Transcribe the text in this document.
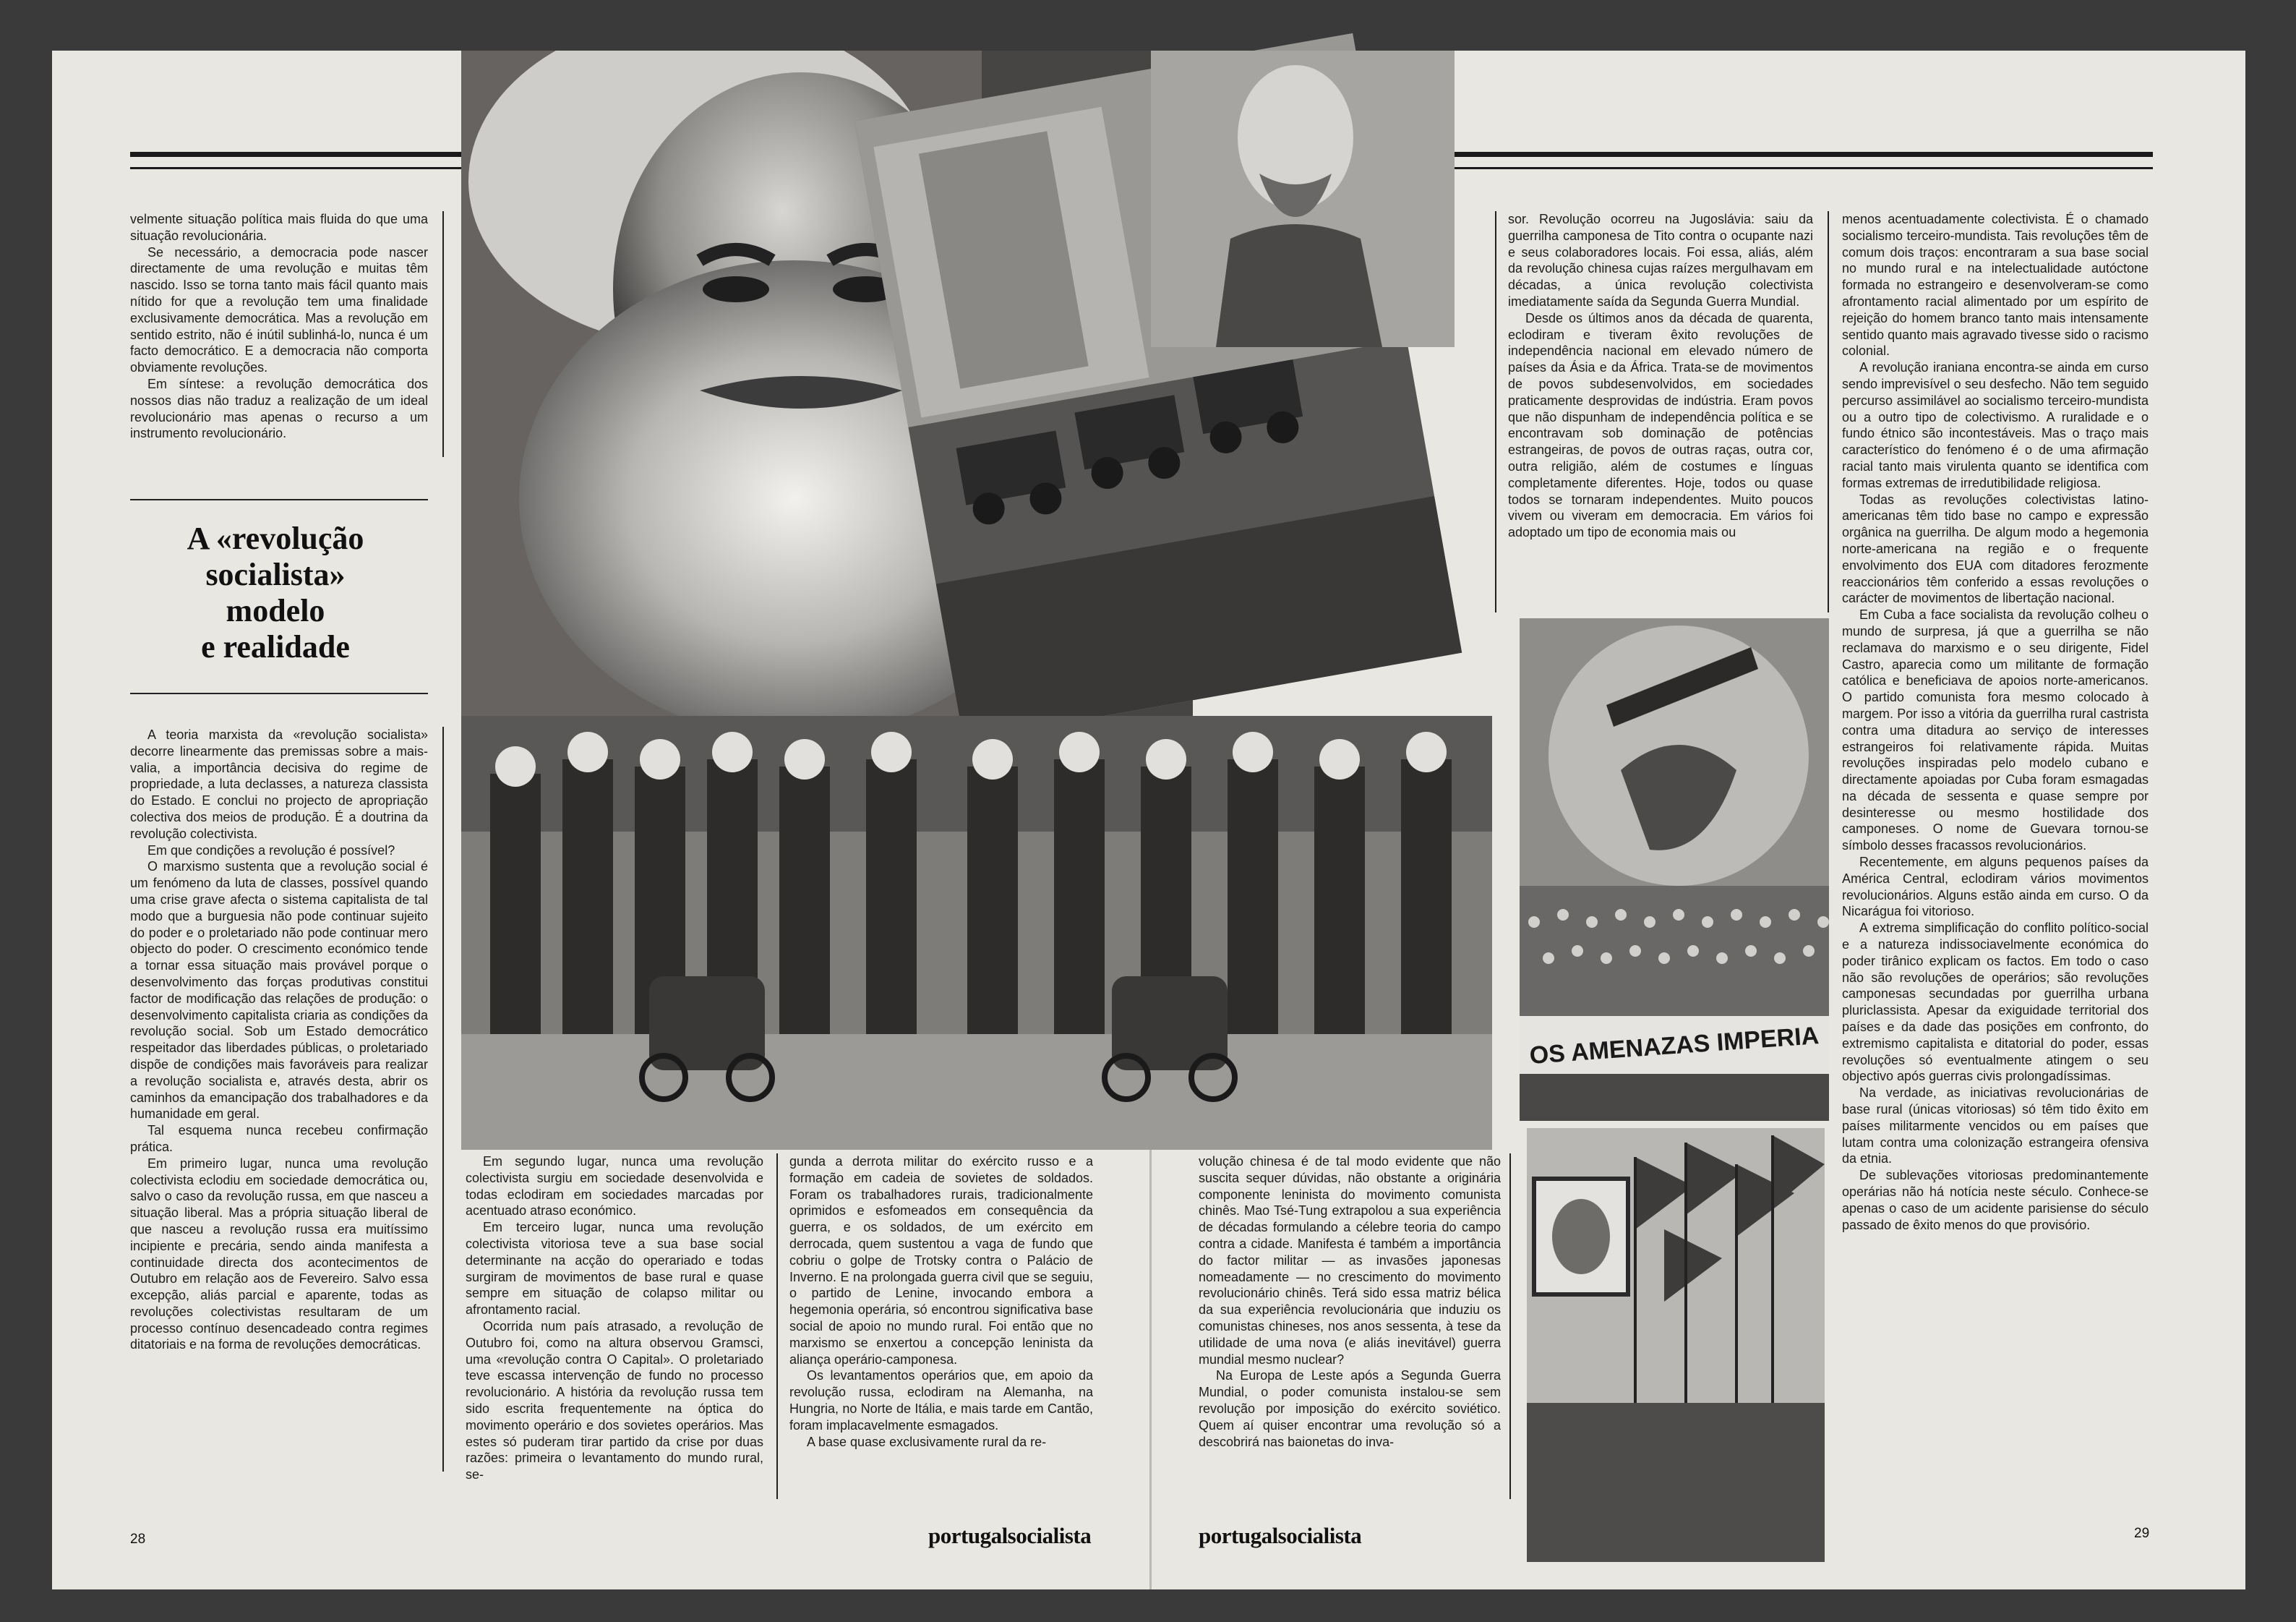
velmente situação política mais fluida do que uma situação revolucionária.

Se necessário, a democracia pode nascer directamente de uma revolução e muitas têm nascido. Isso se torna tanto mais fácil quanto mais nítido for que a revolução tem uma finalidade exclusivamente democrática. Mas a revolução em sentido estrito, não é inútil sublinhá-lo, nunca é um facto democrático. E a democracia não comporta obviamente revoluções.

Em síntese: a revolução democrática dos nossos dias não traduz a realização de um ideal revolucionário mas apenas o recurso a um instrumento revolucionário.

A «revolução
socialista»
modelo
e realidade

A teoria marxista da «revolução socialista» decorre linearmente das premissas sobre a mais-valia, a importância decisiva do regime de propriedade, a luta declasses, a natureza classista do Estado. E conclui no projecto de apropriação colectiva dos meios de produção. É a doutrina da revolução colectivista.

Em que condições a revolução é possível?

O marxismo sustenta que a revolução social é um fenómeno da luta de classes, possível quando uma crise grave afecta o sistema capitalista de tal modo que a burguesia não pode continuar sujeito do poder e o proletariado não pode continuar mero objecto do poder. O crescimento económico tende a tornar essa situação mais provável porque o desenvolvimento das forças produtivas constitui factor de modificação das relações de produção: o desenvolvimento capitalista criaria as condições da revolução social. Sob um Estado democrático respeitador das liberdades públicas, o proletariado dispõe de condições mais favoráveis para realizar a revolução socialista e, através desta, abrir os caminhos da emancipação dos trabalhadores e da humanidade em geral.

Tal esquema nunca recebeu confirmação prática.

Em primeiro lugar, nunca uma revolução colectivista eclodiu em sociedade democrática ou, salvo o caso da revolução russa, em que nasceu a situação liberal. Mas a própria situação liberal de que nasceu a revolução russa era muitíssimo incipiente e precária, sendo ainda manifesta a continuidade directa dos acontecimentos de Outubro em relação aos de Fevereiro. Salvo essa excepção, aliás parcial e aparente, todas as revoluções colectivistas resultaram de um processo contínuo desencadeado contra regimes ditatoriais e na forma de revoluções democráticas.

OS AMENAZAS IMPERIA

Em segundo lugar, nunca uma revolução colectivista surgiu em sociedade desenvolvida e todas eclodiram em sociedades marcadas por acentuado atraso económico.

Em terceiro lugar, nunca uma revolução colectivista vitoriosa teve a sua base social determinante na acção do operariado e todas surgiram de movimentos de base rural e quase sempre em situação de colapso militar ou afrontamento racial.

Ocorrida num país atrasado, a revolução de Outubro foi, como na altura observou Gramsci, uma «revolução contra O Capital». O proletariado teve escassa intervenção de fundo no processo revolucionário. A história da revolução russa tem sido escrita frequentemente na óptica do movimento operário e dos sovietes operários. Mas estes só puderam tirar partido da crise por duas razões: primeira o levantamento do mundo rural, se-

gunda a derrota militar do exército russo e a formação em cadeia de sovietes de soldados. Foram os trabalhadores rurais, tradicionalmente oprimidos e esfomeados em consequência da guerra, e os soldados, de um exército em derrocada, quem sustentou a vaga de fundo que cobriu o golpe de Trotsky contra o Palácio de Inverno. E na prolongada guerra civil que se seguiu, o partido de Lenine, invocando embora a hegemonia operária, só encontrou significativa base social de apoio no mundo rural. Foi então que no marxismo se enxertou a concepção leninista da aliança operário-camponesa.

Os levantamentos operários que, em apoio da revolução russa, eclodiram na Alemanha, na Hungria, no Norte de Itália, e mais tarde em Cantão, foram implacavelmente esmagados.

A base quase exclusivamente rural da re-

volução chinesa é de tal modo evidente que não suscita sequer dúvidas, não obstante a originária componente leninista do movimento comunista chinês. Mao Tsé-Tung extrapolou a sua experiência de décadas formulando a célebre teoria do campo contra a cidade. Manifesta é também a importância do factor militar — as invasões japonesas nomeadamente — no crescimento do movimento revolucionário chinês. Terá sido essa matriz bélica da sua experiência revolucionária que induziu os comunistas chineses, nos anos sessenta, à tese da utilidade de uma nova (e aliás inevitável) guerra mundial mesmo nuclear?

Na Europa de Leste após a Segunda Guerra Mundial, o poder comunista instalou-se sem revolução por imposição do exército soviético. Quem aí quiser encontrar uma revolução só a descobrirá nas baionetas do inva-

sor. Revolução ocorreu na Jugoslávia: saiu da guerrilha camponesa de Tito contra o ocupante nazi e seus colaboradores locais. Foi essa, aliás, além da revolução chinesa cujas raízes mergulhavam em décadas, a única revolução colectivista imediatamente saída da Segunda Guerra Mundial.

Desde os últimos anos da década de quarenta, eclodiram e tiveram êxito revoluções de independência nacional em elevado número de países da Ásia e da África. Trata-se de movimentos de povos subdesenvolvidos, em sociedades praticamente desprovidas de indústria. Eram povos que não dispunham de independência política e se encontravam sob dominação de potências estrangeiras, de povos de outras raças, outra cor, outra religião, além de costumes e línguas completamente diferentes. Hoje, todos ou quase todos se tornaram independentes. Muito poucos vivem ou viveram em democracia. Em vários foi adoptado um tipo de economia mais ou

menos acentuadamente colectivista. É o chamado socialismo terceiro-mundista. Tais revoluções têm de comum dois traços: encontraram a sua base social no mundo rural e na intelectualidade autóctone formada no estrangeiro e desenvolveram-se como afrontamento racial alimentado por um espírito de rejeição do homem branco tanto mais intensamente sentido quanto mais agravado tivesse sido o racismo colonial.

A revolução iraniana encontra-se ainda em curso sendo imprevisível o seu desfecho. Não tem seguido percurso assimilável ao socialismo terceiro-mundista ou a outro tipo de colectivismo. A ruralidade e o fundo étnico são incontestáveis. Mas o traço mais característico do fenómeno é o de uma afirmação racial tanto mais virulenta quanto se identifica com formas extremas de irredutibilidade religiosa.

Todas as revoluções colectivistas latino-americanas têm tido base no campo e expressão orgânica na guerrilha. De algum modo a hegemonia norte-americana na região e o frequente envolvimento dos EUA com ditadores ferozmente reaccionários têm conferido a essas revoluções o carácter de movimentos de libertação nacional.

Em Cuba a face socialista da revolução colheu o mundo de surpresa, já que a guerrilha se não reclamava do marxismo e o seu dirigente, Fidel Castro, aparecia como um militante de formação católica e beneficiava de apoios norte-americanos. O partido comunista fora mesmo colocado à margem. Por isso a vitória da guerrilha rural castrista contra uma ditadura ao serviço de interesses estrangeiros foi relativamente rápida. Muitas revoluções inspiradas pelo modelo cubano e directamente apoiadas por Cuba foram esmagadas na década de sessenta e quase sempre por desinteresse ou mesmo hostilidade dos camponeses. O nome de Guevara tornou-se símbolo desses fracassos revolucionários.

Recentemente, em alguns pequenos países da América Central, eclodiram vários movimentos revolucionários. Alguns estão ainda em curso. O da Nicarágua foi vitorioso.

A extrema simplificação do conflito político-social e a natureza indissociavelmente económica do poder tirânico explicam os factos. Em todo o caso não são revoluções de operários; são revoluções camponesas secundadas por guerrilha urbana pluriclassista. Apesar da exiguidade territorial dos países e da dade das posições em confronto, do extremismo capitalista e ditatorial do poder, essas revoluções só eventualmente atingem o seu objectivo após guerras civis prolongadíssimas.

Na verdade, as iniciativas revolucionárias de base rural (únicas vitoriosas) só têm tido êxito em países militarmente vencidos ou em países que lutam contra uma colonização estrangeira ofensiva da etnia.

De sublevações vitoriosas predominantemente operárias não há notícia neste século. Conhece-se apenas o caso de um acidente parisiense do século passado de êxito menos do que provisório.

28	portugalsocialista	portugalsocialista	29
